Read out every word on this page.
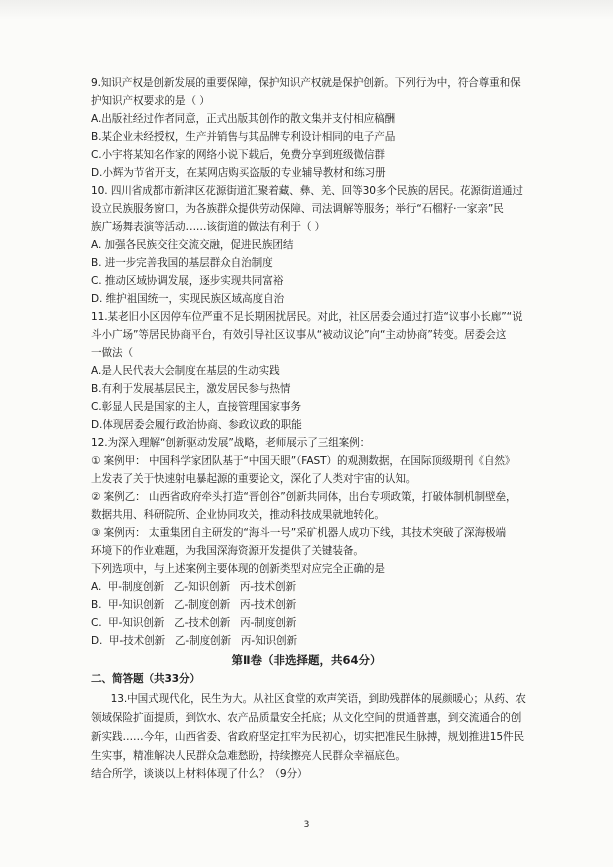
9.知识产权是创新发展的重要保障，保护知识产权就是保护创新。下列行为中，符合尊重和保
护知识产权要求的是（ ）
A.出版社经过作者同意，正式出版其创作的散文集并支付相应稿酬
B.某企业未经授权，生产并销售与其品牌专利设计相同的电子产品
C.小宇将某知名作家的网络小说下载后，免费分享到班级微信群
D.小辉为节省开支，在某网店购买盗版的专业辅导教材和练习册
10. 四川省成都市新津区花源街道汇聚着藏、彝、羌、回等30多个民族的居民。花源街道通过
设立民族服务窗口，为各族群众提供劳动保障、司法调解等服务；举行“石榴籽·一家亲”民
族广场舞表演等活动……该街道的做法有利于（ ）
A. 加强各民族交往交流交融，促进民族团结
B. 进一步完善我国的基层群众自治制度
C. 推动区域协调发展，逐步实现共同富裕
D. 维护祖国统一，实现民族区域高度自治
11.某老旧小区因停车位严重不足长期困扰居民。对此，社区居委会通过打造“议事小长廊”“说
斗小广场”等居民协商平台，有效引导社区议事从“被动议论”向“主动协商”转变。居委会这
一做法（
A.是人民代表大会制度在基层的生动实践
B.有利于发展基层民主，激发居民参与热情
C.彰显人民是国家的主人，直接管理国家事务
D.体现居委会履行政治协商、参政议政的职能
12.为深入理解“创新驱动发展”战略，老师展示了三组案例：
① 案例甲： 中国科学家团队基于“中国天眼”（FAST）的观测数据，在国际顶级期刊《自然》
上发表了关于快速射电暴起源的重要论文，深化了人类对宇宙的认知。
② 案例乙： 山西省政府牵头打造“晋创谷”创新共同体，出台专项政策，打破体制机制壁垒，
数据共用、科研院所、企业协同攻关，推动科技成果就地转化。
③ 案例丙： 太重集团自主研发的“海斗一号”采矿机器人成功下线，其技术突破了深海极端
环境下的作业难题，为我国深海资源开发提供了关键装备。
下列选项中，与上述案例主要体现的创新类型对应完全正确的是
A.  甲-制度创新   乙-知识创新   丙-技术创新
B.  甲-知识创新   乙-制度创新   丙-技术创新
C.  甲-知识创新   乙-技术创新   丙-制度创新
D.  甲-技术创新   乙-制度创新   丙-知识创新
第Ⅱ卷（非选择题，共64分）
二、简答题（共33分）
13.中国式现代化，民生为大。从社区食堂的欢声笑语，到助残群体的展颜暖心；从药、农
领域保险扩面提质，到饮水、农产品质量安全托底；从文化空间的贯通普惠，到交流通合的创
新实践……今年，山西省委、省政府坚定扛牢为民初心，切实把准民生脉搏，规划推进15件民
生实事，精准解决人民群众急难愁盼，持续擦亮人民群众幸福底色。
结合所学，谈谈以上材料体现了什么？（9分）
3
